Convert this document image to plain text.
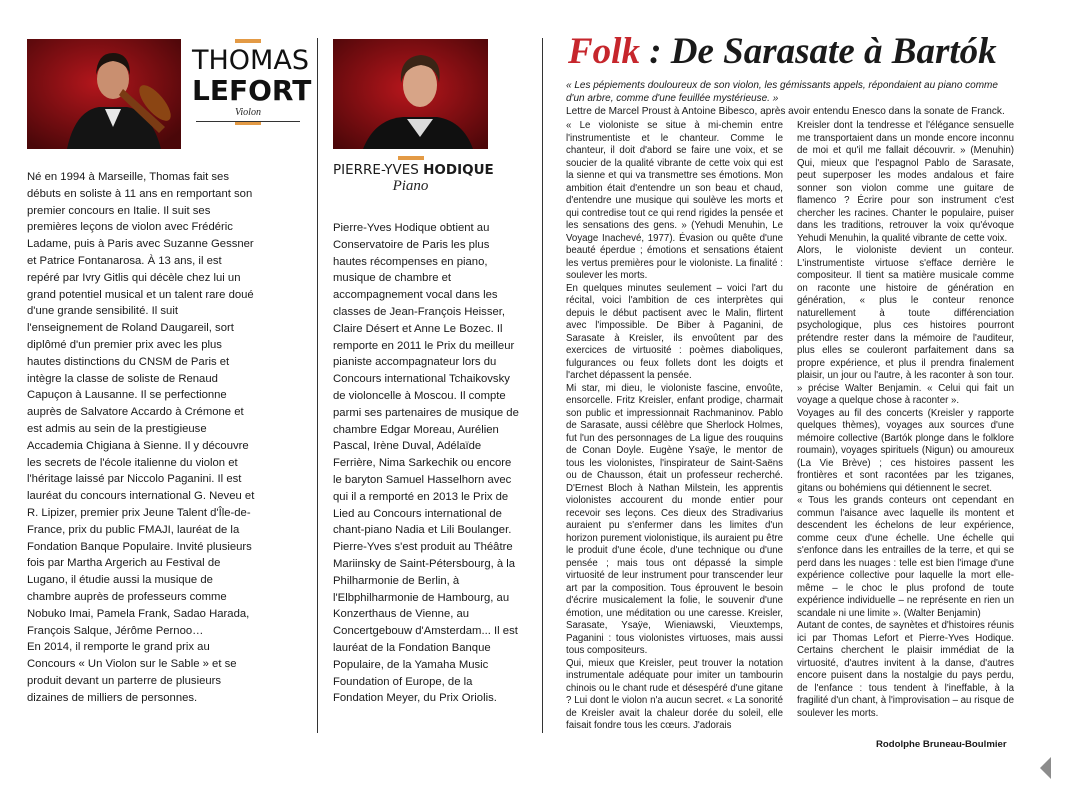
THOMAS
LEFORT
Violon
PIERRE-YVES HODIQUE
Piano

Né en 1994 à Marseille, Thomas fait ses débuts en soliste à 11 ans en remportant son premier concours en Italie. Il suit ses premières leçons de violon avec Frédéric Ladame, puis à Paris avec Suzanne Gessner et Patrice Fontanarosa. À 13 ans, il est repéré par Ivry Gitlis qui décèle chez lui un grand potentiel musical et un talent rare doué d'une grande sensibilité. Il suit l'enseignement de Roland Daugareil, sort diplômé d'un premier prix avec les plus hautes distinctions du CNSM de Paris et intègre la classe de soliste de Renaud Capuçon à Lausanne. Il se perfectionne auprès de Salvatore Accardo à Crémone et est admis au sein de la prestigieuse Accademia Chigiana à Sienne. Il y découvre les secrets de l'école italienne du violon et l'héritage laissé par Niccolo Paganini. Il est lauréat du concours international G. Neveu et R. Lipizer, premier prix Jeune Talent d'Île-de-France, prix du public FMAJI, lauréat de la Fondation Banque Populaire. Invité plusieurs fois par Martha Argerich au Festival de Lugano, il étudie aussi la musique de chambre auprès de professeurs comme Nobuko Imai, Pamela Frank, Sadao Harada, François Salque, Jérôme Pernoo…

En 2014, il remporte le grand prix au Concours « Un Violon sur le Sable » et se produit devant un parterre de plusieurs dizaines de milliers de personnes.

Pierre-Yves Hodique obtient au Conservatoire de Paris les plus hautes récompenses en piano, musique de chambre et accompagnement vocal dans les classes de Jean-François Heisser, Claire Désert et Anne Le Bozec. Il remporte en 2011 le Prix du meilleur pianiste accompagnateur lors du Concours international Tchaikovsky de violoncelle à Moscou. Il compte parmi ses partenaires de musique de chambre Edgar Moreau, Aurélien Pascal, Irène Duval, Adélaïde Ferrière, Nima Sarkechik ou encore le baryton Samuel Hasselhorn avec qui il a remporté en 2013 le Prix de Lied au Concours international de chant-piano Nadia et Lili Boulanger.

Pierre-Yves s'est produit au Théâtre Mariinsky de Saint-Pétersbourg, à la Philharmonie de Berlin, à l'Elbphilharmonie de Hambourg, au Konzerthaus de Vienne, au Concertgebouw d'Amsterdam... Il est lauréat de la Fondation Banque Populaire, de la Yamaha Music Foundation of Europe, de la Fondation Meyer, du Prix Oriolis.

Folk : De Sarasate à Bartók
« Les pépiements douloureux de son violon, les gémissants appels, répondaient au piano comme d'un arbre, comme d'une feuillée mystérieuse. »
Lettre de Marcel Proust à Antoine Bibesco, après avoir entendu Enesco dans la sonate de Franck.

« Le violoniste se situe à mi-chemin entre l'instrumentiste et le chanteur. Comme le chanteur, il doit d'abord se faire une voix, et se soucier de la qualité vibrante de cette voix qui est la sienne et qui va transmettre ses émotions. Mon ambition était d'entendre un son beau et chaud, d'entendre une musique qui soulève les morts et qui contredise tout ce qui rend rigides la pensée et les sensations des gens. » (Yehudi Menuhin, Le Voyage Inachevé, 1977). Évasion ou quête d'une beauté éperdue ; émotions et sensations étaient les vertus premières pour le violoniste. La finalité : soulever les morts.

En quelques minutes seulement – voici l'art du récital, voici l'ambition de ces interprètes qui depuis le début pactisent avec le Malin, flirtent avec l'impossible. De Biber à Paganini, de Sarasate à Kreisler, ils envoûtent par des exercices de virtuosité : poèmes diaboliques, fulgurances ou feux follets dont les doigts et l'archet dépassent la pensée.

Mi star, mi dieu, le violoniste fascine, envoûte, ensorcelle. Fritz Kreisler, enfant prodige, charmait son public et impressionnait Rachmaninov. Pablo de Sarasate, aussi célèbre que Sherlock Holmes, fut l'un des personnages de La ligue des rouquins de Conan Doyle. Eugène Ysaÿe, le mentor de tous les violonistes, l'inspirateur de Saint-Saëns ou de Chausson, était un professeur recherché. D'Ernest Bloch à Nathan Milstein, les apprentis violonistes accourent du monde entier pour recevoir ses leçons. Ces dieux des Stradivarius auraient pu s'enfermer dans les limites d'un horizon purement violonistique, ils auraient pu être le produit d'une école, d'une technique ou d'une pensée ; mais tous ont dépassé la simple virtuosité de leur instrument pour transcender leur art par la composition. Tous éprouvent le besoin d'écrire musicalement la folie, le souvenir d'une émotion, une méditation ou une caresse. Kreisler, Sarasate, Ysaÿe, Wieniawski, Vieuxtemps, Paganini : tous violonistes virtuoses, mais aussi tous compositeurs.

Qui, mieux que Kreisler, peut trouver la notation instrumentale adéquate pour imiter un tambourin chinois ou le chant rude et désespéré d'une gitane ? Lui dont le violon n'a aucun secret. « La sonorité de Kreisler avait la chaleur dorée du soleil, elle faisait fondre tous les cœurs. J'adorais

Kreisler dont la tendresse et l'élégance sensuelle me transportaient dans un monde encore inconnu de moi et qu'il me fallait découvrir. » (Menuhin) Qui, mieux que l'espagnol Pablo de Sarasate, peut superposer les modes andalous et faire sonner son violon comme une guitare de flamenco ? Écrire pour son instrument c'est chercher les racines. Chanter le populaire, puiser dans les traditions, retrouver la voix qu'évoque Yehudi Menuhin, la qualité vibrante de cette voix.

Alors, le violoniste devient un conteur. L'instrumentiste virtuose s'efface derrière le compositeur. Il tient sa matière musicale comme on raconte une histoire de génération en génération, « plus le conteur renonce naturellement à toute différenciation psychologique, plus ces histoires pourront prétendre rester dans la mémoire de l'auditeur, plus elles se couleront parfaitement dans sa propre expérience, et plus il prendra finalement plaisir, un jour ou l'autre, à les raconter à son tour. » précise Walter Benjamin. « Celui qui fait un voyage a quelque chose à raconter ».

Voyages au fil des concerts (Kreisler y rapporte quelques thèmes), voyages aux sources d'une mémoire collective (Bartók plonge dans le folklore roumain), voyages spirituels (Nigun) ou amoureux (La Vie Brève) ; ces histoires passent les frontières et sont racontées par les tziganes, gitans ou bohémiens qui détiennent le secret.

« Tous les grands conteurs ont cependant en commun l'aisance avec laquelle ils montent et descendent les échelons de leur expérience, comme ceux d'une échelle. Une échelle qui s'enfonce dans les entrailles de la terre, et qui se perd dans les nuages : telle est bien l'image d'une expérience collective pour laquelle la mort elle-même – le choc le plus profond de toute expérience individuelle – ne représente en rien un scandale ni une limite ». (Walter Benjamin)

Autant de contes, de saynètes et d'histoires réunis ici par Thomas Lefort et Pierre-Yves Hodique. Certains cherchent le plaisir immédiat de la virtuosité, d'autres invitent à la danse, d'autres encore puisent dans la nostalgie du pays perdu, de l'enfance : tous tendent à l'ineffable, à la fragilité d'un chant, à l'improvisation – au risque de soulever les morts.

Rodolphe Bruneau-Boulmier
